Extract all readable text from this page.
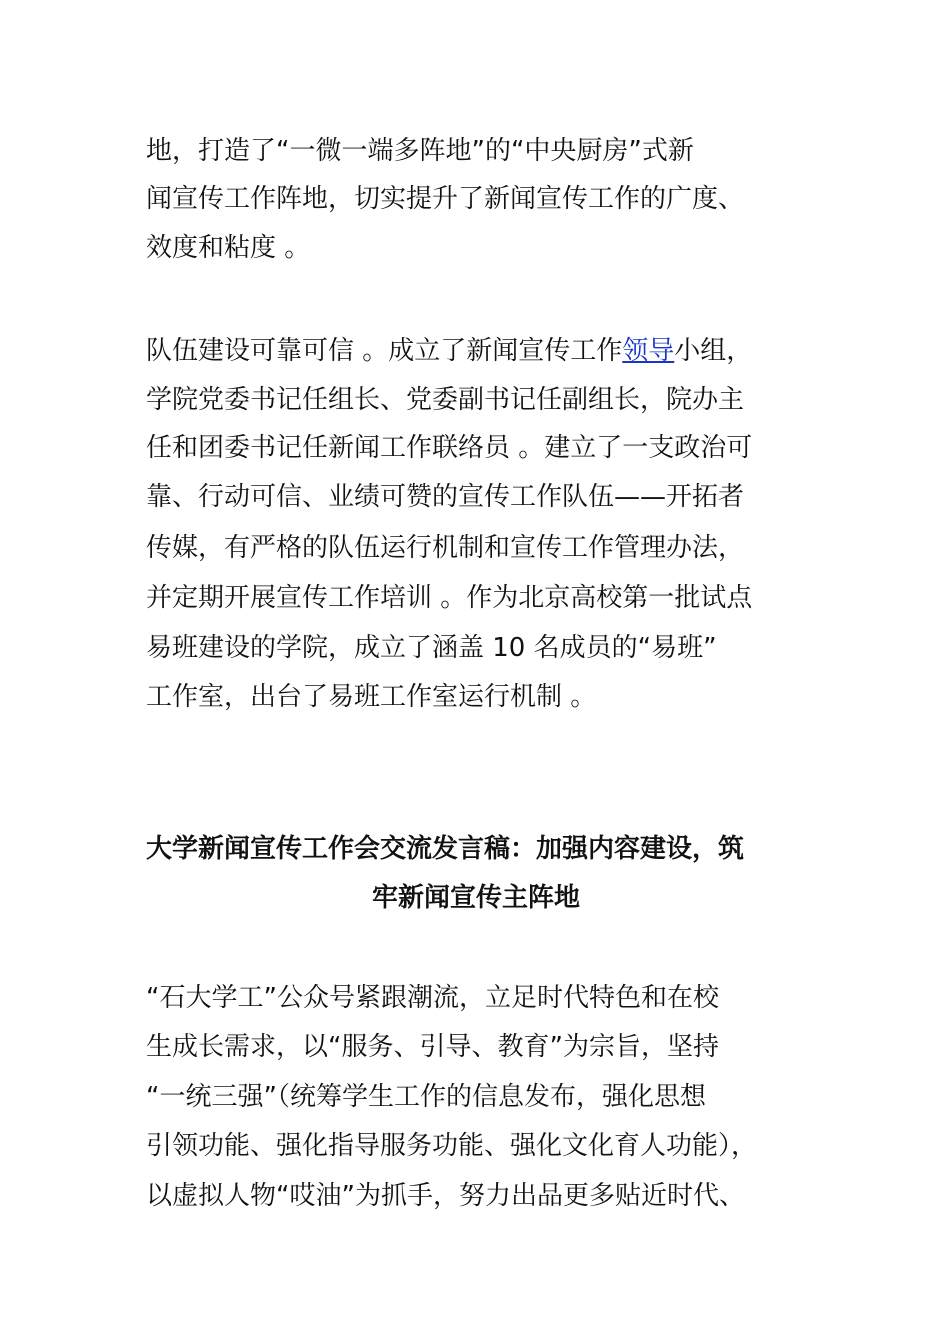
地，打造了“一微一端多阵地”的“中央厨房”式新

闻宣传工作阵地，切实提升了新闻宣传工作的广度、

效度和粘度 。

队伍建设可靠可信 。成立了新闻宣传工作领导小组，

学院党委书记任组长、党委副书记任副组长，院办主

任和团委书记任新闻工作联络员 。建立了一支政治可

靠、行动可信、业绩可赞的宣传工作队伍——开拓者

传媒，有严格的队伍运行机制和宣传工作管理办法，

并定期开展宣传工作培训 。作为北京高校第一批试点

易班建设的学院，成立了涵盖 10 名成员的“易班”

工作室，出台了易班工作室运行机制 。

大学新闻宣传工作会交流发言稿：加强内容建设，筑

牢新闻宣传主阵地

“石大学工”公众号紧跟潮流，立足时代特色和在校

生成长需求，以“服务、引导、教育”为宗旨，坚持

“一统三强”（统筹学生工作的信息发布，强化思想

引领功能、强化指导服务功能、强化文化育人功能），

以虚拟人物“哎油”为抓手，努力出品更多贴近时代、
